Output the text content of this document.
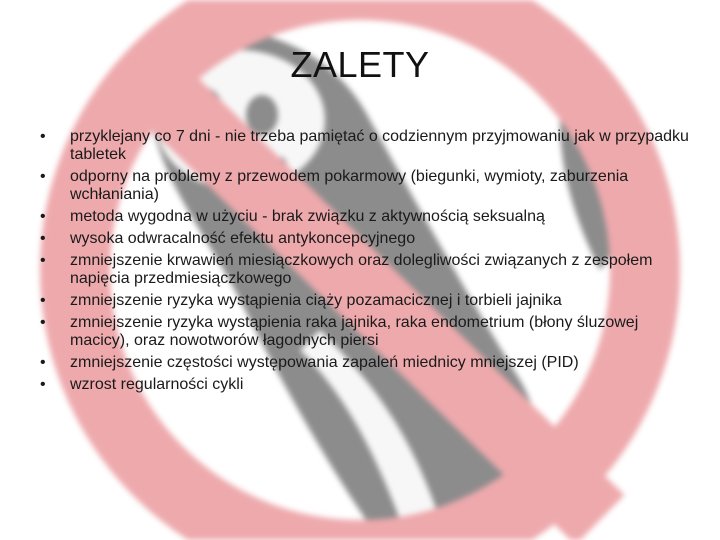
ZALETY
• przyklejany co 7 dni - nie trzeba pamiętać o codziennym przyjmowaniu jak w przypadku tabletek
• odporny na problemy z przewodem pokarmowy (biegunki, wymioty, zaburzenia wchłaniania)
• metoda wygodna w użyciu - brak związku z aktywnością seksualną
• wysoka odwracalność efektu antykoncepcyjnego
• zmniejszenie krwawień miesiączkowych oraz dolegliwości związanych z zespołem napięcia przedmiesiączkowego
• zmniejszenie ryzyka wystąpienia ciąży pozamacicznej i torbieli jajnika
• zmniejszenie ryzyka wystąpienia raka jajnika, raka endometrium (błony śluzowej macicy), oraz nowotworów łagodnych piersi
• zmniejszenie częstości występowania zapaleń miednicy mniejszej (PID)
• wzrost regularności cykli
